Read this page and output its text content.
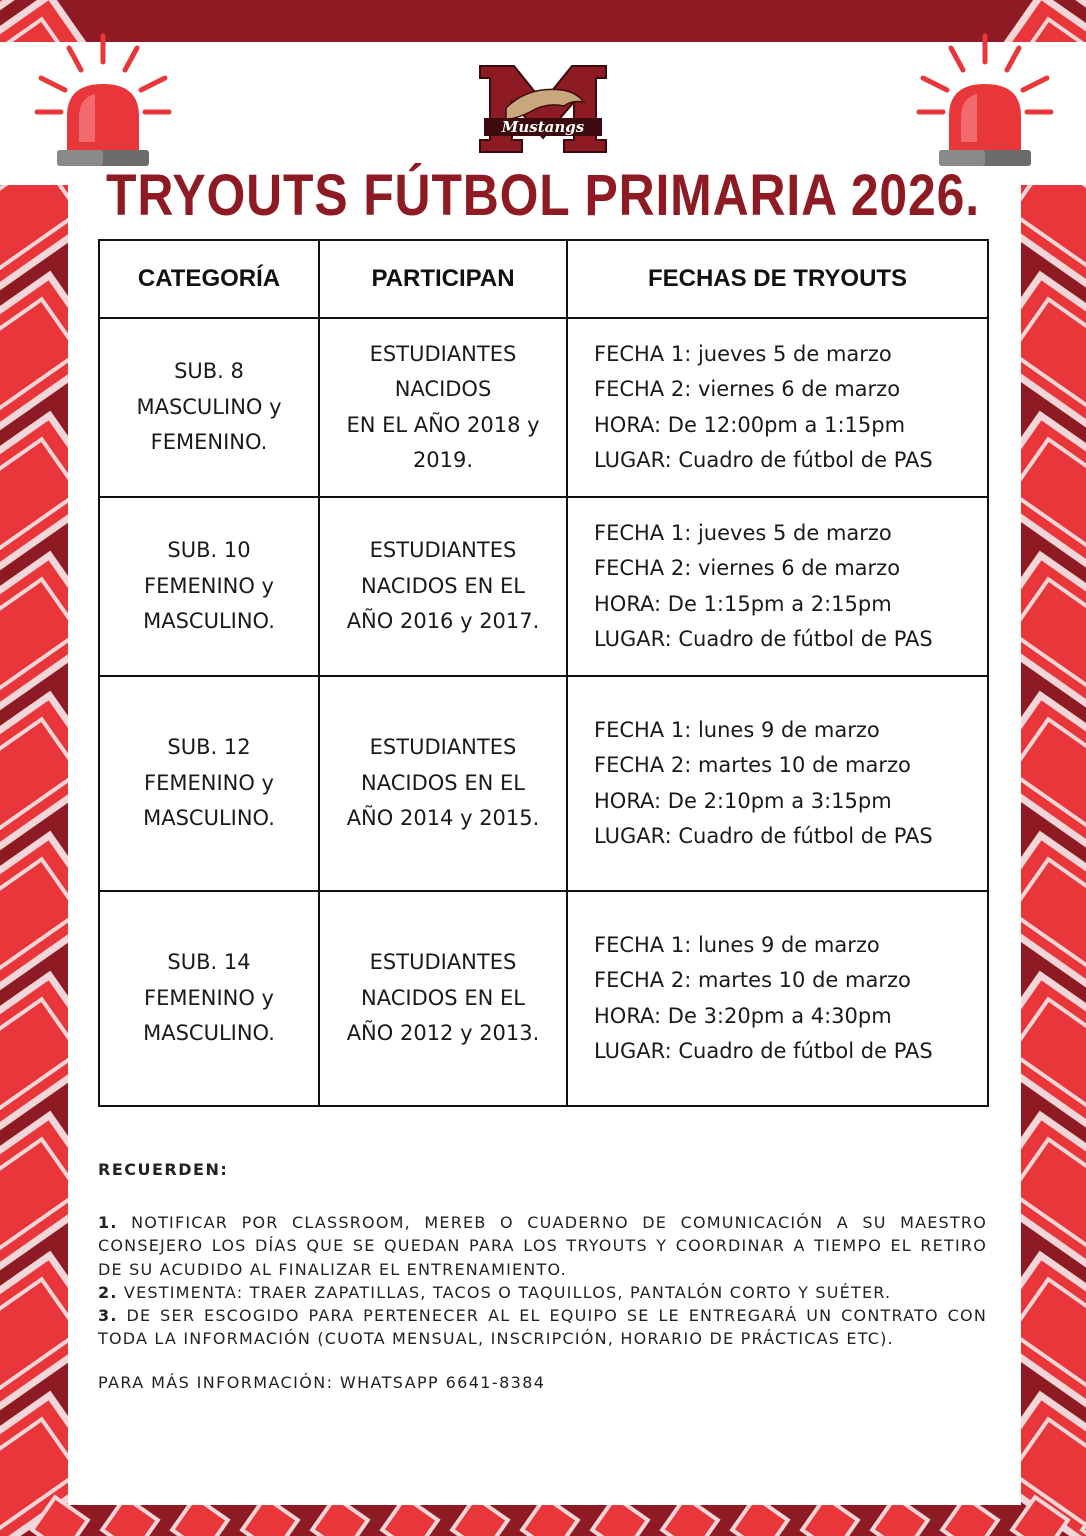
Mustangs
TRYOUTS FÚTBOL PRIMARIA 2026.
CATEGORÍA	PARTICIPAN	FECHAS DE TRYOUTS

SUB. 8
MASCULINO y
FEMENINO.	ESTUDIANTES
NACIDOS
EN EL AÑO 2018 y
2019.	FECHA 1: jueves 5 de marzo
FECHA 2: viernes 6 de marzo
HORA: De 12:00pm a 1:15pm
LUGAR: Cuadro de fútbol de PAS

SUB. 10
FEMENINO y
MASCULINO.	ESTUDIANTES
NACIDOS EN EL
AÑO 2016 y 2017.	FECHA 1: jueves 5 de marzo
FECHA 2: viernes 6 de marzo
HORA: De 1:15pm a 2:15pm
LUGAR: Cuadro de fútbol de PAS

SUB. 12
FEMENINO y
MASCULINO.	ESTUDIANTES
NACIDOS EN EL
AÑO 2014 y 2015.	FECHA 1: lunes 9 de marzo
FECHA 2: martes 10 de marzo
HORA: De 2:10pm a 3:15pm
LUGAR: Cuadro de fútbol de PAS

SUB. 14
FEMENINO y
MASCULINO.	ESTUDIANTES
NACIDOS EN EL
AÑO 2012 y 2013.	FECHA 1: lunes 9 de marzo
FECHA 2: martes 10 de marzo
HORA: De 3:20pm a 4:30pm
LUGAR: Cuadro de fútbol de PAS
RECUERDEN:
1. NOTIFICAR POR CLASSROOM, MEREB O CUADERNO DE COMUNICACIÓN A SU MAESTRO CONSEJERO LOS DÍAS QUE SE QUEDAN PARA LOS TRYOUTS Y COORDINAR A TIEMPO EL RETIRO DE SU ACUDIDO AL FINALIZAR EL ENTRENAMIENTO.
2. VESTIMENTA: TRAER ZAPATILLAS, TACOS O TAQUILLOS, PANTALÓN CORTO Y SUÉTER.
3. DE SER ESCOGIDO PARA PERTENECER AL EL EQUIPO SE LE ENTREGARÁ UN CONTRATO CON TODA LA INFORMACIÓN (CUOTA MENSUAL, INSCRIPCIÓN, HORARIO DE PRÁCTICAS ETC).
PARA MÁS INFORMACIÓN: WHATSAPP 6641-8384
